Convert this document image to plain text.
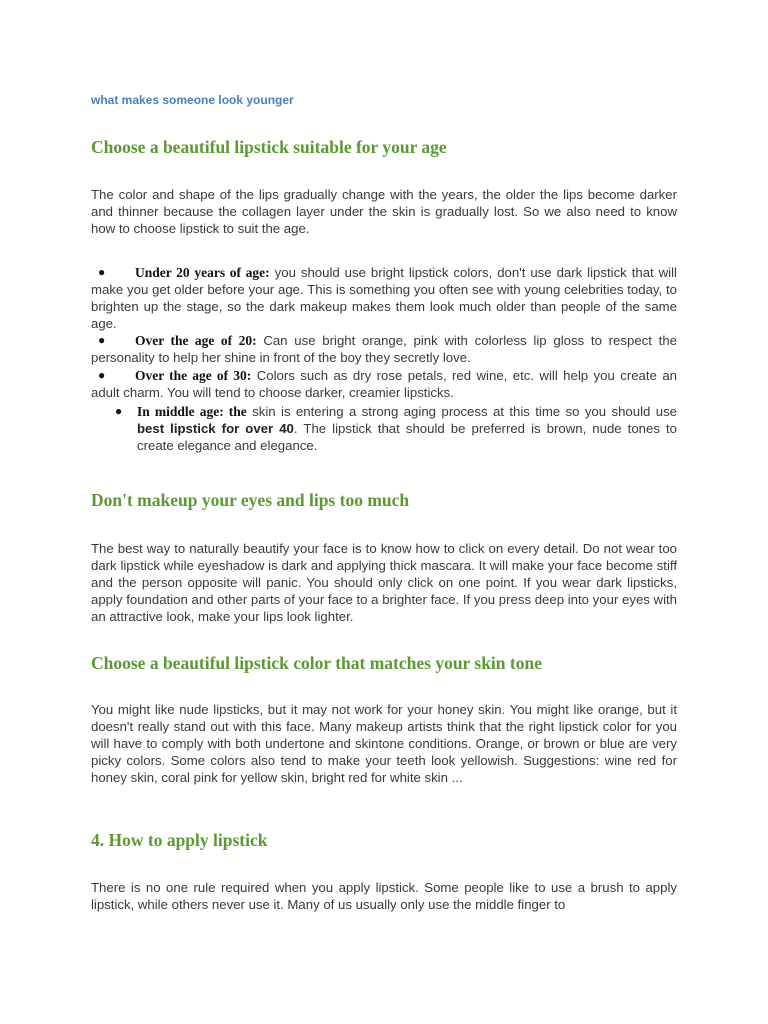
what makes someone look younger
Choose a beautiful lipstick suitable for your age

The color and shape of the lips gradually change with the years, the older the lips become darker and thinner because the collagen layer under the skin is gradually lost. So we also need to know how to choose lipstick to suit the age.

●	Under 20 years of age: you should use bright lipstick colors, don't use dark lipstick that will make you get older before your age. This is something you often see with young celebrities today, to brighten up the stage, so the dark makeup makes them look much older than people of the same age.
●	Over the age of 20: Can use bright orange, pink with colorless lip gloss to respect the personality to help her shine in front of the boy they secretly love.
●	Over the age of 30: Colors such as dry rose petals, red wine, etc. will help you create an adult charm. You will tend to choose darker, creamier lipsticks.
● In middle age: the skin is entering a strong aging process at this time so you should use best lipstick for over 40. The lipstick that should be preferred is brown, nude tones to create elegance and elegance.
Don't makeup your eyes and lips too much

The best way to naturally beautify your face is to know how to click on every detail. Do not wear too dark lipstick while eyeshadow is dark and applying thick mascara. It will make your face become stiff and the person opposite will panic. You should only click on one point. If you wear dark lipsticks, apply foundation and other parts of your face to a brighter face. If you press deep into your eyes with an attractive look, make your lips look lighter.

Choose a beautiful lipstick color that matches your skin tone

You might like nude lipsticks, but it may not work for your honey skin. You might like orange, but it doesn't really stand out with this face. Many makeup artists think that the right lipstick color for you will have to comply with both undertone and skintone conditions. Orange, or brown or blue are very picky colors. Some colors also tend to make your teeth look yellowish. Suggestions: wine red for honey skin, coral pink for yellow skin, bright red for white skin ...

4. How to apply lipstick

There is no one rule required when you apply lipstick. Some people like to use a brush to apply lipstick, while others never use it. Many of us usually only use the middle finger to
